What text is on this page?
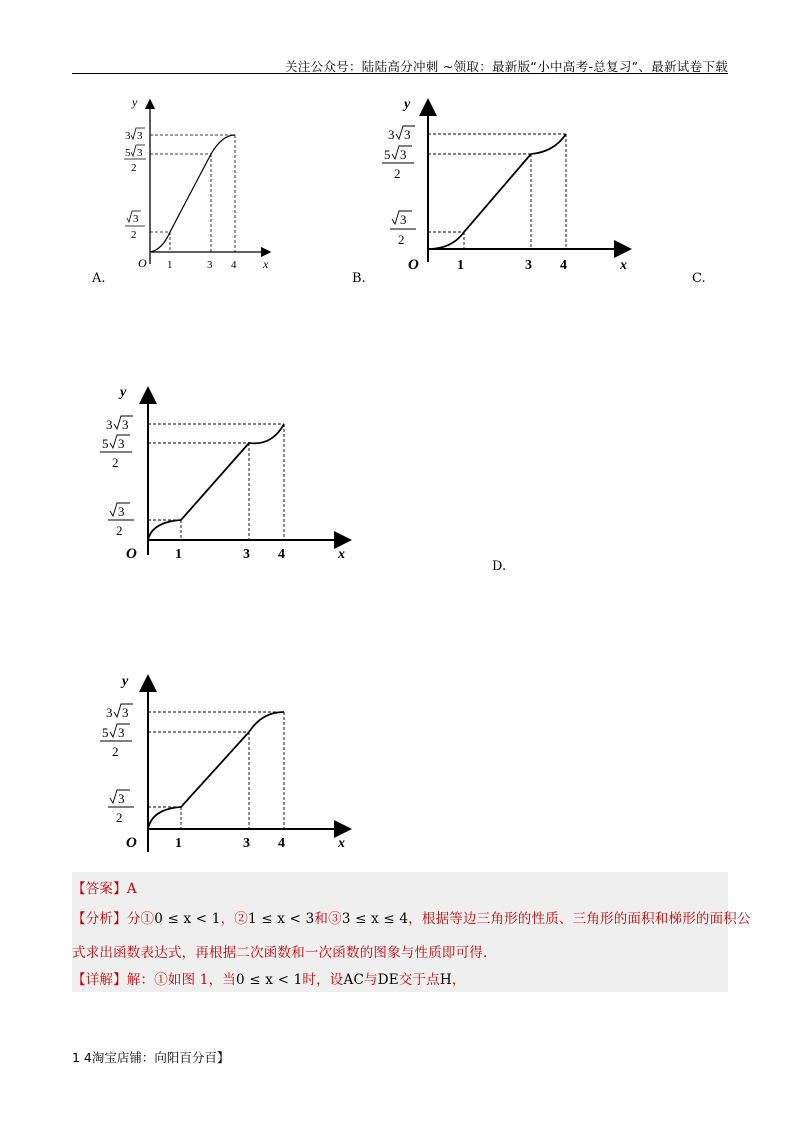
关注公众号：陆陆高分冲刺 ~领取：最新版“小中高考-总复习”、最新试卷下载
y
x
O 1	3 4
3 3
5 3
2
3
2
A.
y
x
O	1	3 4
3 3
5 3
2
3
2
B.	C.
y
x
O	1	3 4
3 3
5 3
2
3
2
D.
y
x
O	1	3 4
3 3
5 3
2
3
2
【答案】A
【分析】分①0 ≤ x < 1，②1 ≤ x < 3和③3 ≤ x ≤ 4，根据等边三角形的性质、三角形的面积和梯形的面积公
式求出函数表达式，再根据二次函数和一次函数的图象与性质即可得.
【详解】解：①如图 1，当0 ≤ x < 1时，设AC与DE交于点H，
1 4淘宝店铺：向阳百分百】
